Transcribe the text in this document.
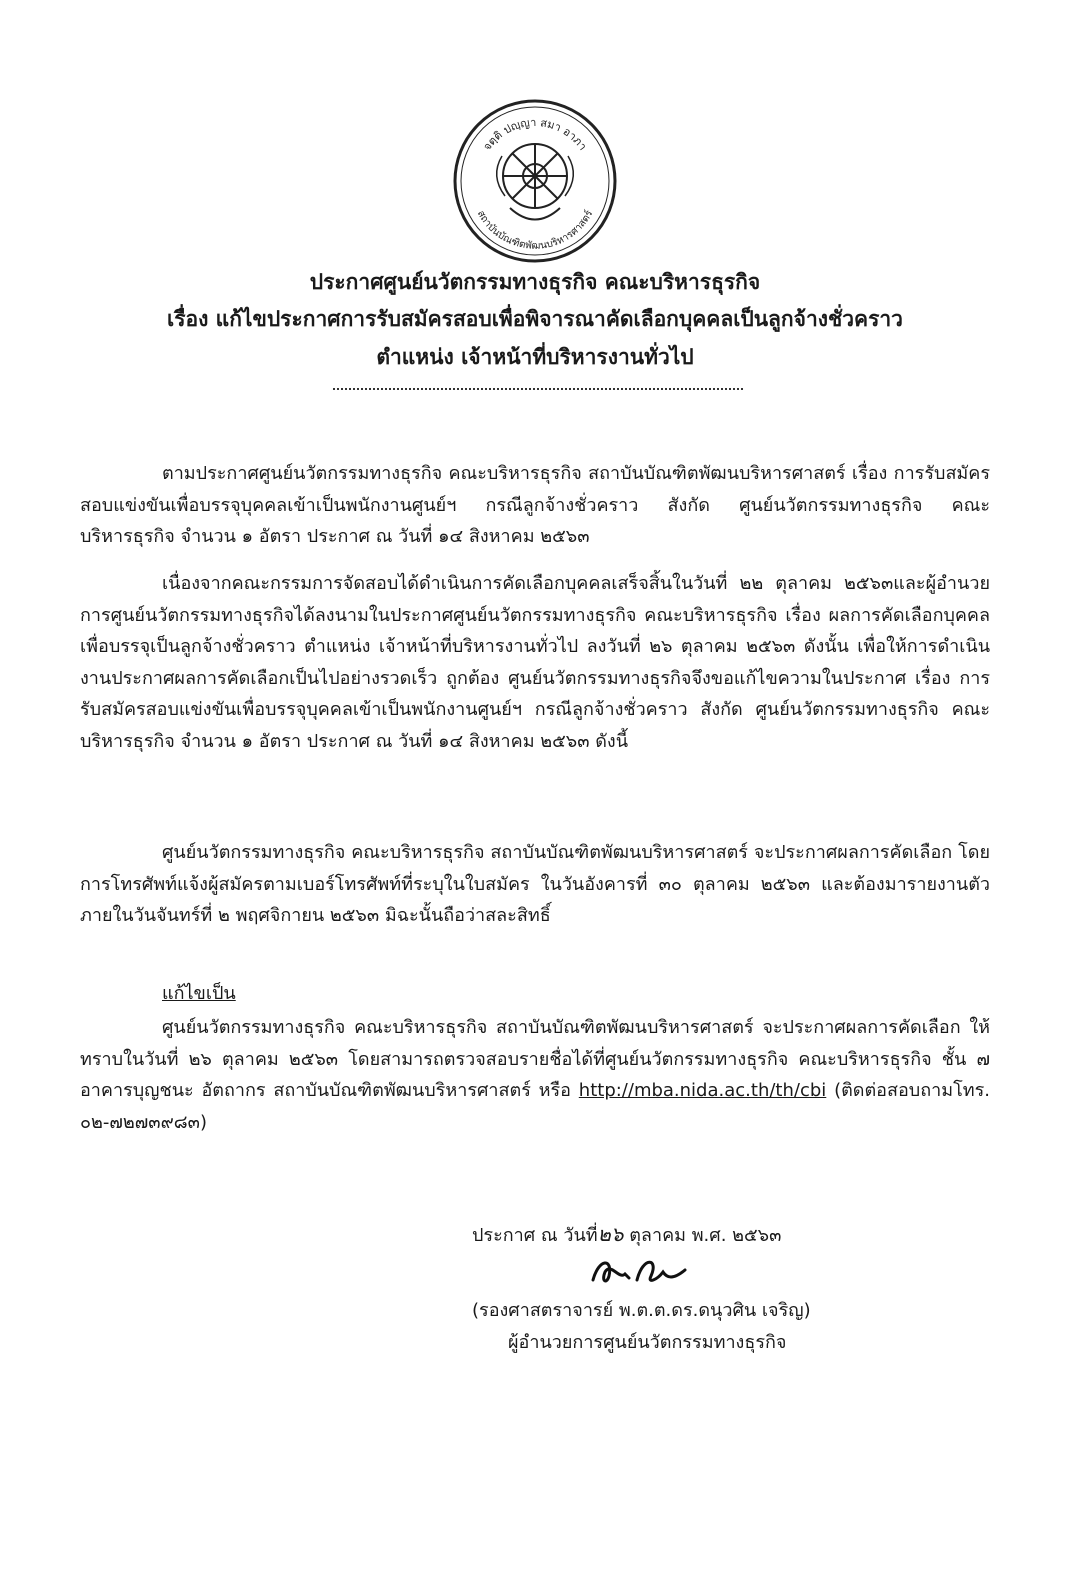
จตฺติ ปญฺญา สมา อาภา
สถาบันบัณฑิตพัฒนบริหารศาสตร์
ประกาศศูนย์นวัตกรรมทางธุรกิจ คณะบริหารธุรกิจ
เรื่อง แก้ไขประกาศการรับสมัครสอบเพื่อพิจารณาคัดเลือกบุคคลเป็นลูกจ้างชั่วคราว
ตำแหน่ง เจ้าหน้าที่บริหารงานทั่วไป

ตามประกาศศูนย์นวัตกรรมทางธุรกิจ คณะบริหารธุรกิจ สถาบันบัณฑิตพัฒนบริหารศาสตร์ เรื่อง การรับสมัครสอบแข่งขันเพื่อบรรจุบุคคลเข้าเป็นพนักงานศูนย์ฯ กรณีลูกจ้างชั่วคราว สังกัด ศูนย์นวัตกรรมทางธุรกิจ คณะบริหารธุรกิจ จำนวน ๑ อัตรา ประกาศ ณ วันที่ ๑๔ สิงหาคม ๒๕๖๓

เนื่องจากคณะกรรมการจัดสอบได้ดำเนินการคัดเลือกบุคคลเสร็จสิ้นในวันที่ ๒๒ ตุลาคม ๒๕๖๓และผู้อำนวยการศูนย์นวัตกรรมทางธุรกิจได้ลงนามในประกาศศูนย์นวัตกรรมทางธุรกิจ คณะบริหารธุรกิจ เรื่อง ผลการคัดเลือกบุคคลเพื่อบรรจุเป็นลูกจ้างชั่วคราว ตำแหน่ง เจ้าหน้าที่บริหารงานทั่วไป ลงวันที่ ๒๖ ตุลาคม ๒๕๖๓ ดังนั้น เพื่อให้การดำเนินงานประกาศผลการคัดเลือกเป็นไปอย่างรวดเร็ว ถูกต้อง ศูนย์นวัตกรรมทางธุรกิจจึงขอแก้ไขความในประกาศ เรื่อง การรับสมัครสอบแข่งขันเพื่อบรรจุบุคคลเข้าเป็นพนักงานศูนย์ฯ กรณีลูกจ้างชั่วคราว สังกัด ศูนย์นวัตกรรมทางธุรกิจ คณะบริหารธุรกิจ จำนวน ๑ อัตรา ประกาศ ณ วันที่ ๑๔ สิงหาคม ๒๕๖๓ ดังนี้

ศูนย์นวัตกรรมทางธุรกิจ คณะบริหารธุรกิจ สถาบันบัณฑิตพัฒนบริหารศาสตร์ จะประกาศผลการคัดเลือก โดยการโทรศัพท์แจ้งผู้สมัครตามเบอร์โทรศัพท์ที่ระบุในใบสมัคร ในวันอังคารที่ ๓๐ ตุลาคม ๒๕๖๓ และต้องมารายงานตัวภายในวันจันทร์ที่ ๒ พฤศจิกายน ๒๕๖๓ มิฉะนั้นถือว่าสละสิทธิ์

แก้ไขเป็น

ศูนย์นวัตกรรมทางธุรกิจ คณะบริหารธุรกิจ สถาบันบัณฑิตพัฒนบริหารศาสตร์ จะประกาศผลการคัดเลือก ให้ทราบในวันที่ ๒๖ ตุลาคม ๒๕๖๓ โดยสามารถตรวจสอบรายชื่อได้ที่ศูนย์นวัตกรรมทางธุรกิจ คณะบริหารธุรกิจ ชั้น ๗ อาคารบุญชนะ อัตถากร สถาบันบัณฑิตพัฒนบริหารศาสตร์ หรือ http://mba.nida.ac.th/th/cbi (ติดต่อสอบถามโทร. ๐๒-๗๒๗๓๙๘๓)

ประกาศ ณ วันที่๒๖ ตุลาคม พ.ศ. ๒๕๖๓
(รองศาสตราจารย์ พ.ต.ต.ดร.ดนุวศิน เจริญ)
ผู้อำนวยการศูนย์นวัตกรรมทางธุรกิจ
